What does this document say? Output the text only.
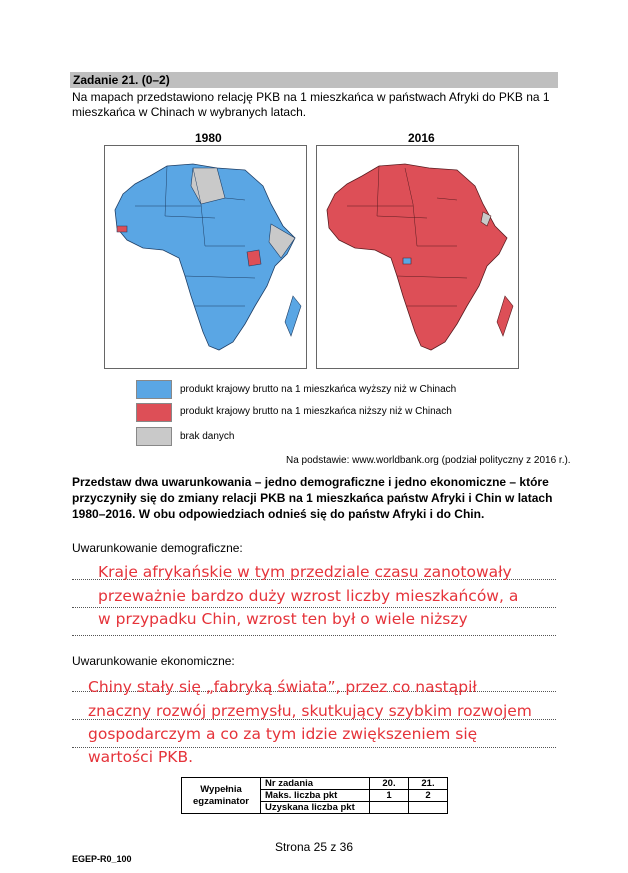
Zadanie 21. (0–2)
Na mapach przedstawiono relację PKB na 1 mieszkańca w państwach Afryki do PKB na 1 mieszkańca w Chinach w wybranych latach.
1980	2016
produkt krajowy brutto na 1 mieszkańca wyższy niż w Chinach
produkt krajowy brutto na 1 mieszkańca niższy niż w Chinach
brak danych
Na podstawie: www.worldbank.org (podział polityczny z 2016 r.).
Przedstaw dwa uwarunkowania – jedno demograficzne i jedno ekonomiczne – które przyczyniły się do zmiany relacji PKB na 1 mieszkańca państw Afryki i Chin w latach 1980–2016. W obu odpowiedziach odnieś się do państw Afryki i do Chin.
Uwarunkowanie demograficzne:
Kraje afrykańskie w tym przedziale czasu zanotowały
przeważnie bardzo duży wzrost liczby mieszkańców, a
w przypadku Chin, wzrost ten był o wiele niższy
Uwarunkowanie ekonomiczne:
Chiny stały się „fabryką świata”, przez co nastąpił
znaczny rozwój przemysłu, skutkujący szybkim rozwojem
gospodarczym a co za tym idzie zwiększeniem się
wartości PKB.
Wypełnia egzaminator	Nr zadania	20.	21.
	Maks. liczba pkt	1	2
	Uzyskana liczba pkt		
Strona 25 z 36
EGEP-R0_100
